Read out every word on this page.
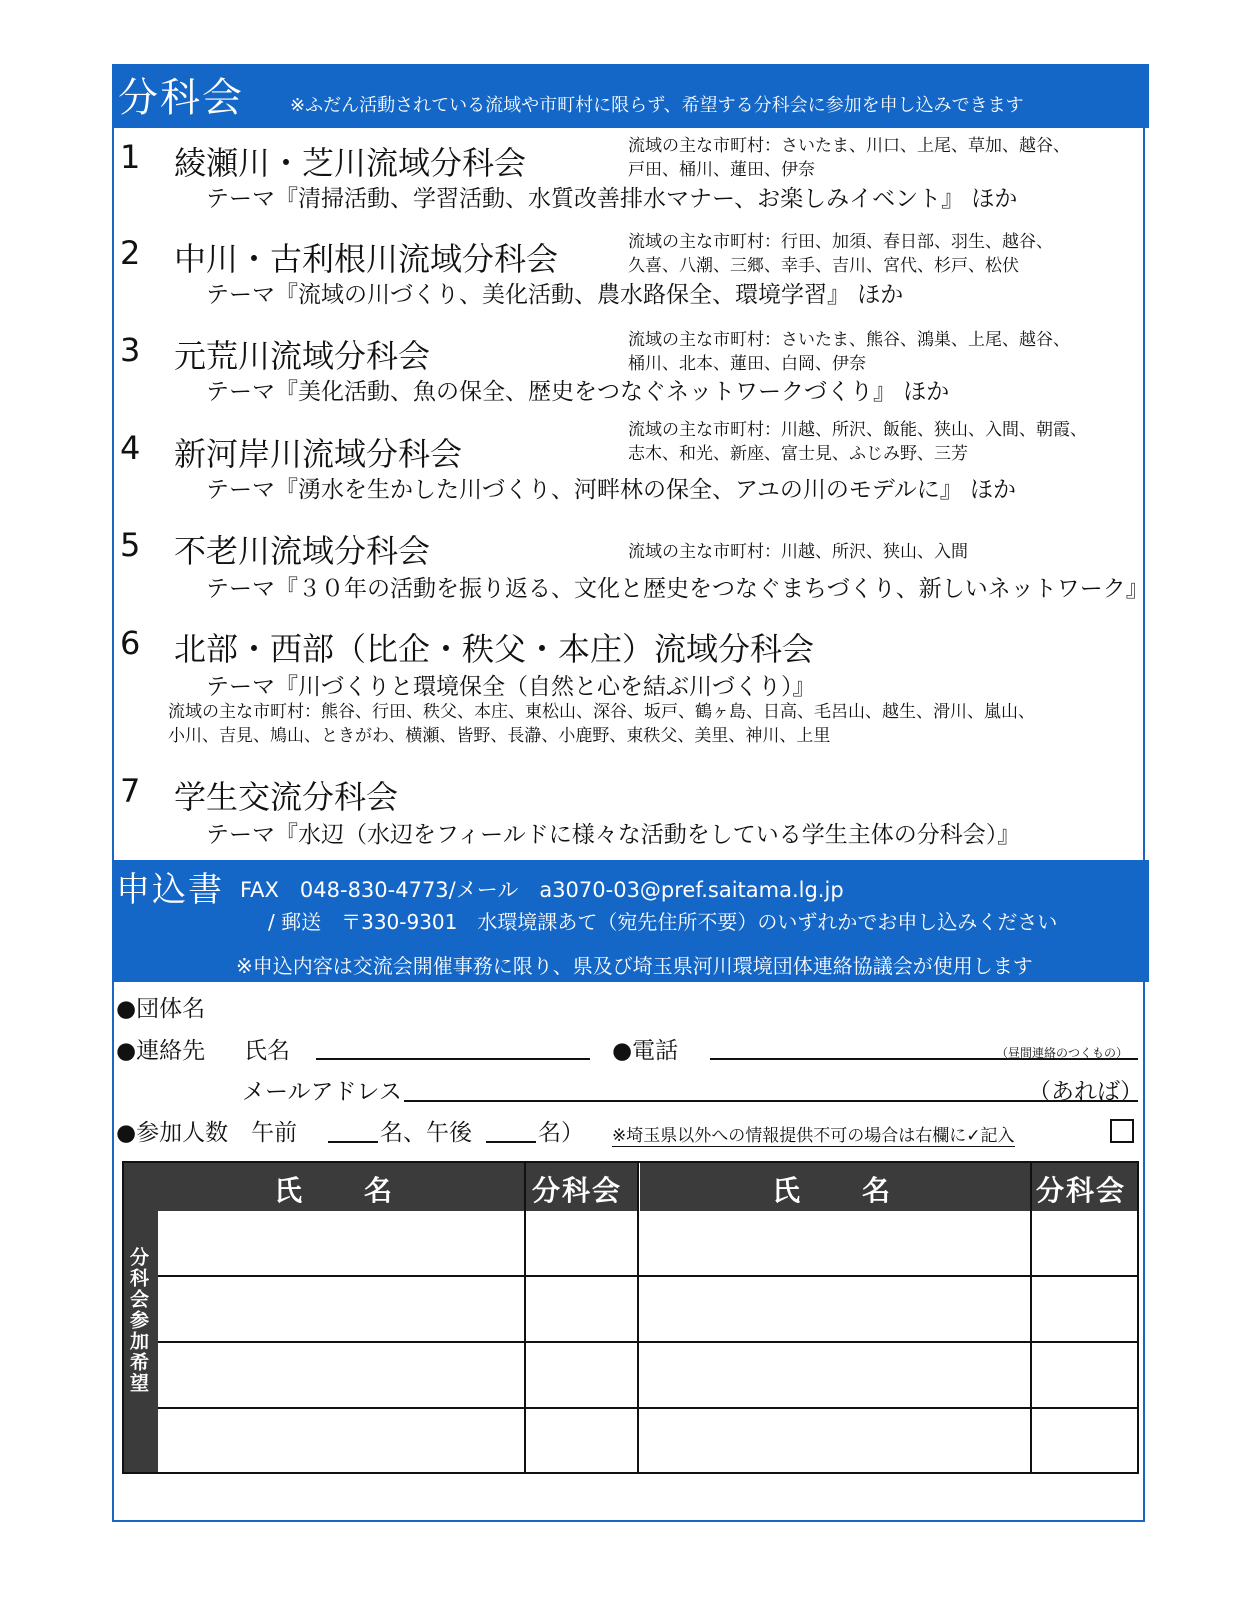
分科会	※ふだん活動されている流域や市町村に限らず、希望する分科会に参加を申し込みできます
1 綾瀬川・芝川流域分科会
テーマ『清掃活動、学習活動、水質改善排水マナー、お楽しみイベント』 ほか
流域の主な市町村：さいたま、川口、上尾、草加、越谷、
戸田、桶川、蓮田、伊奈
2 中川・古利根川流域分科会
テーマ『流域の川づくり、美化活動、農水路保全、環境学習』 ほか
流域の主な市町村：行田、加須、春日部、羽生、越谷、
久喜、八潮、三郷、幸手、吉川、宮代、杉戸、松伏
3 元荒川流域分科会
テーマ『美化活動、魚の保全、歴史をつなぐネットワークづくり』 ほか
流域の主な市町村：さいたま、熊谷、鴻巣、上尾、越谷、
桶川、北本、蓮田、白岡、伊奈
4 新河岸川流域分科会
テーマ『湧水を生かした川づくり、河畔林の保全、アユの川のモデルに』 ほか
流域の主な市町村：川越、所沢、飯能、狭山、入間、朝霞、
志木、和光、新座、富士見、ふじみ野、三芳
5 不老川流域分科会
テーマ『３０年の活動を振り返る、文化と歴史をつなぐまちづくり、新しいネットワーク』
流域の主な市町村：川越、所沢、狭山、入間
6 北部・西部（比企・秩父・本庄）流域分科会
テーマ『川づくりと環境保全（自然と心を結ぶ川づくり）』
流域の主な市町村：熊谷、行田、秩父、本庄、東松山、深谷、坂戸、鶴ヶ島、日高、毛呂山、越生、滑川、嵐山、
小川、吉見、鳩山、ときがわ、横瀬、皆野、長瀞、小鹿野、東秩父、美里、神川、上里
7 学生交流分科会
テーマ『水辺（水辺をフィールドに様々な活動をしている学生主体の分科会）』
申込書 FAX　048-830-4773/メール　a3070-03@pref.saitama.lg.jp
/ 郵送　〒330-9301　水環境課あて（宛先住所不要）のいずれかでお申し込みください
※申込内容は交流会開催事務に限り、県及び埼玉県河川環境団体連絡協議会が使用します
●団体名
●連絡先 氏名	●電話	（昼間連絡のつくもの）
メールアドレス	（あれば）
●参加人数　午前	名、午後	名） ※埼玉県以外への情報提供不可の場合は右欄に✓記入
氏　　名	分科会	氏　　名	分科会
分科会参加希望
